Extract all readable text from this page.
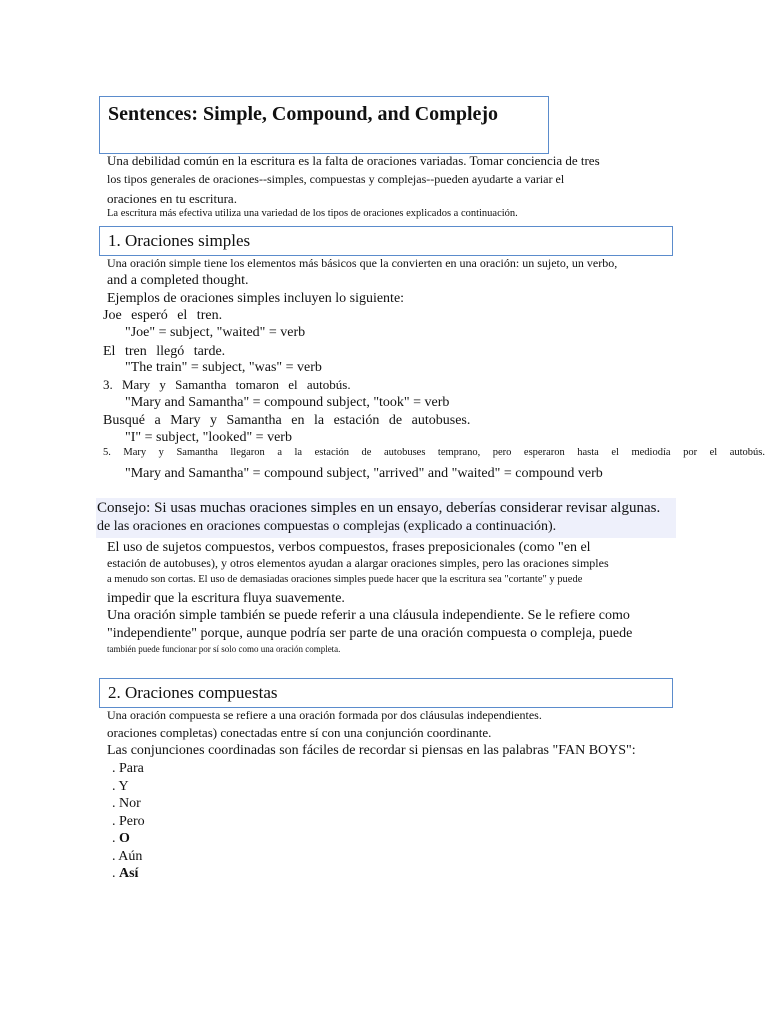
Sentences: Simple, Compound, and Complejo
Una debilidad común en la escritura es la falta de oraciones variadas. Tomar conciencia de tres
los tipos generales de oraciones--simples, compuestas y complejas--pueden ayudarte a variar el
oraciones en tu escritura.
La escritura más efectiva utiliza una variedad de los tipos de oraciones explicados a continuación.
1. Oraciones simples
Una oración simple tiene los elementos más básicos que la convierten en una oración: un sujeto, un verbo,
and a completed thought.
Ejemplos de oraciones simples incluyen lo siguiente:
Joe esperó el tren.
"Joe" = subject, "waited" = verb
El tren llegó tarde.
"The train" = subject, "was" = verb
3. Mary y Samantha tomaron el autobús.
"Mary and Samantha" = compound subject, "took" = verb
Busqué a Mary y Samantha en la estación de autobuses.
"I" = subject, "looked" = verb
5. Mary y Samantha llegaron a la estación de autobuses temprano, pero esperaron hasta el mediodía por el autobús.
"Mary and Samantha" = compound subject, "arrived" and "waited" = compound verb
Consejo: Si usas muchas oraciones simples en un ensayo, deberías considerar revisar algunas.
de las oraciones en oraciones compuestas o complejas (explicado a continuación).
El uso de sujetos compuestos, verbos compuestos, frases preposicionales (como "en el
estación de autobuses), y otros elementos ayudan a alargar oraciones simples, pero las oraciones simples
a menudo son cortas. El uso de demasiadas oraciones simples puede hacer que la escritura sea "cortante" y puede
impedir que la escritura fluya suavemente.
Una oración simple también se puede referir a una cláusula independiente. Se le refiere como
"independiente" porque, aunque podría ser parte de una oración compuesta o compleja, puede
también puede funcionar por sí solo como una oración completa.
2. Oraciones compuestas
Una oración compuesta se refiere a una oración formada por dos cláusulas independientes.
oraciones completas) conectadas entre sí con una conjunción coordinante.
Las conjunciones coordinadas son fáciles de recordar si piensas en las palabras "FAN BOYS":
. Para
. Y
. Nor
. Pero
. O
. Aún
. Así
